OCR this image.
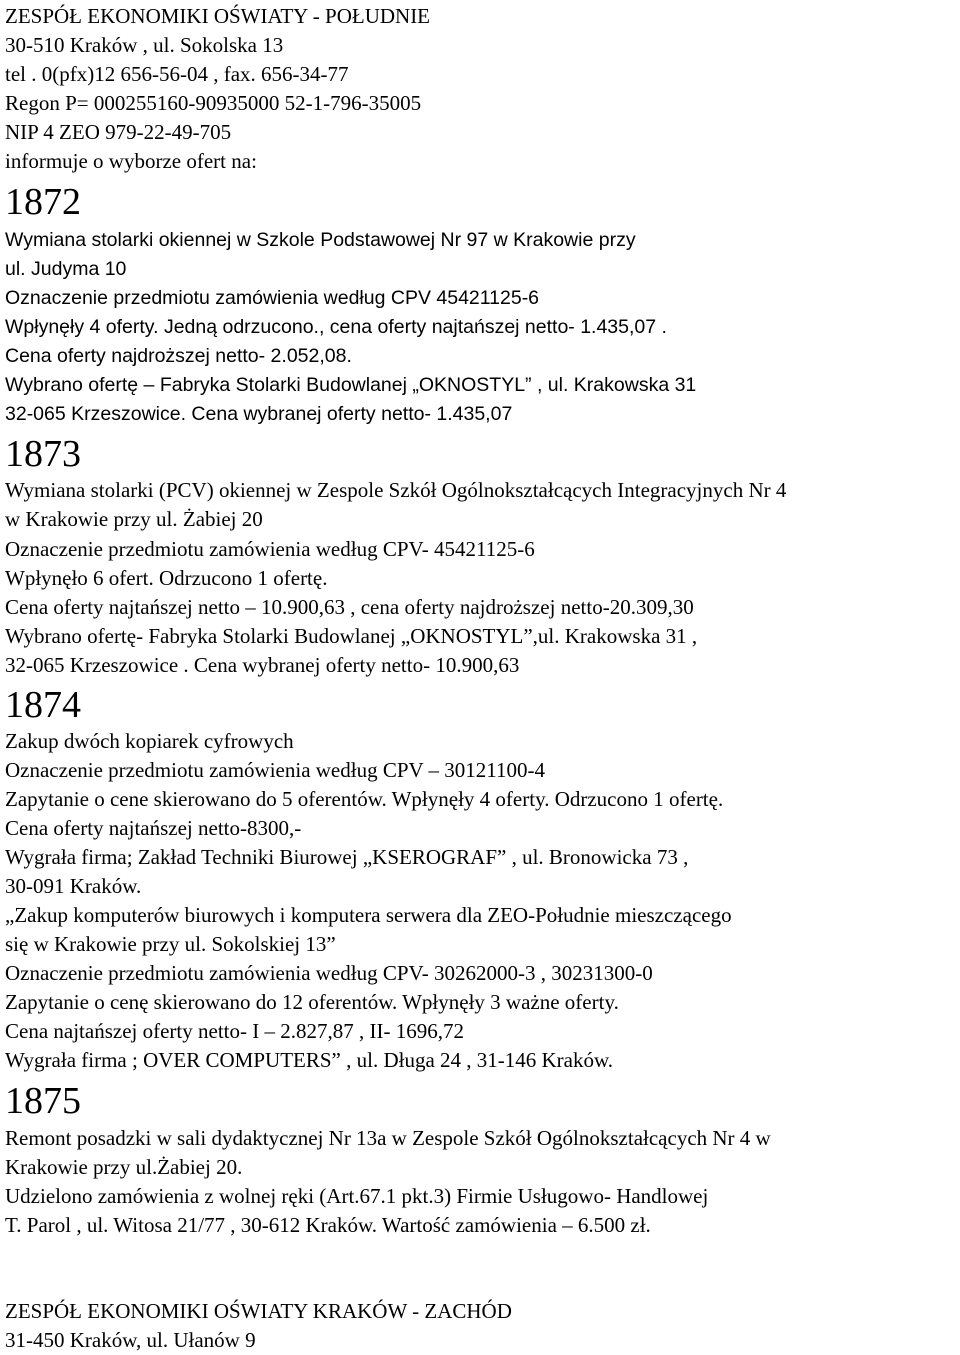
ZESPÓŁ EKONOMIKI OŚWIATY - POŁUDNIE
30-510 Kraków , ul. Sokolska 13
tel . 0(pfx)12 656-56-04 , fax. 656-34-77
Regon P= 000255160-90935000 52-1-796-35005
NIP 4 ZEO 979-22-49-705
informuje o wyborze ofert na:
1872
Wymiana stolarki okiennej w Szkole Podstawowej Nr 97 w Krakowie przy
ul. Judyma 10
Oznaczenie przedmiotu zamówienia według CPV 45421125-6
Wpłynęły 4 oferty. Jedną odrzucono., cena oferty najtańszej netto- 1.435,07 .
Cena oferty najdroższej netto- 2.052,08.
Wybrano ofertę – Fabryka Stolarki Budowlanej „OKNOSTYL” , ul. Krakowska 31
32-065 Krzeszowice. Cena wybranej oferty netto- 1.435,07
1873
Wymiana stolarki (PCV) okiennej w Zespole Szkół Ogólnokształcących Integracyjnych Nr 4
w Krakowie przy ul. Żabiej 20
Oznaczenie przedmiotu zamówienia według CPV- 45421125-6
Wpłynęło 6 ofert. Odrzucono 1 ofertę.
Cena oferty najtańszej netto – 10.900,63 , cena oferty najdroższej netto-20.309,30
Wybrano ofertę- Fabryka Stolarki Budowlanej „OKNOSTYL”,ul. Krakowska 31 ,
32-065 Krzeszowice . Cena wybranej oferty netto- 10.900,63
1874
Zakup dwóch kopiarek cyfrowych
Oznaczenie przedmiotu zamówienia według CPV – 30121100-4
Zapytanie o cene skierowano do 5 oferentów. Wpłynęły 4 oferty. Odrzucono 1 ofertę.
Cena oferty najtańszej netto-8300,-
Wygrała firma; Zakład Techniki Biurowej „KSEROGRAF” , ul. Bronowicka 73 ,
30-091 Kraków.
„Zakup komputerów biurowych i komputera serwera dla ZEO-Południe mieszczącego
się w Krakowie przy ul. Sokolskiej 13”
Oznaczenie przedmiotu zamówienia według CPV- 30262000-3 , 30231300-0
Zapytanie o cenę skierowano do 12 oferentów. Wpłynęły 3 ważne oferty.
Cena najtańszej oferty netto- I – 2.827,87 , II- 1696,72
Wygrała firma ; OVER COMPUTERS” , ul. Długa 24 , 31-146 Kraków.
1875
Remont posadzki w sali dydaktycznej Nr 13a w Zespole Szkół Ogólnokształcących Nr 4 w
Krakowie przy ul.Żabiej 20.
Udzielono zamówienia z wolnej ręki (Art.67.1 pkt.3) Firmie Usługowo- Handlowej
T. Parol , ul. Witosa 21/77 , 30-612 Kraków. Wartość zamówienia – 6.500 zł.
ZESPÓŁ EKONOMIKI OŚWIATY KRAKÓW - ZACHÓD
31-450 Kraków, ul. Ułanów 9
